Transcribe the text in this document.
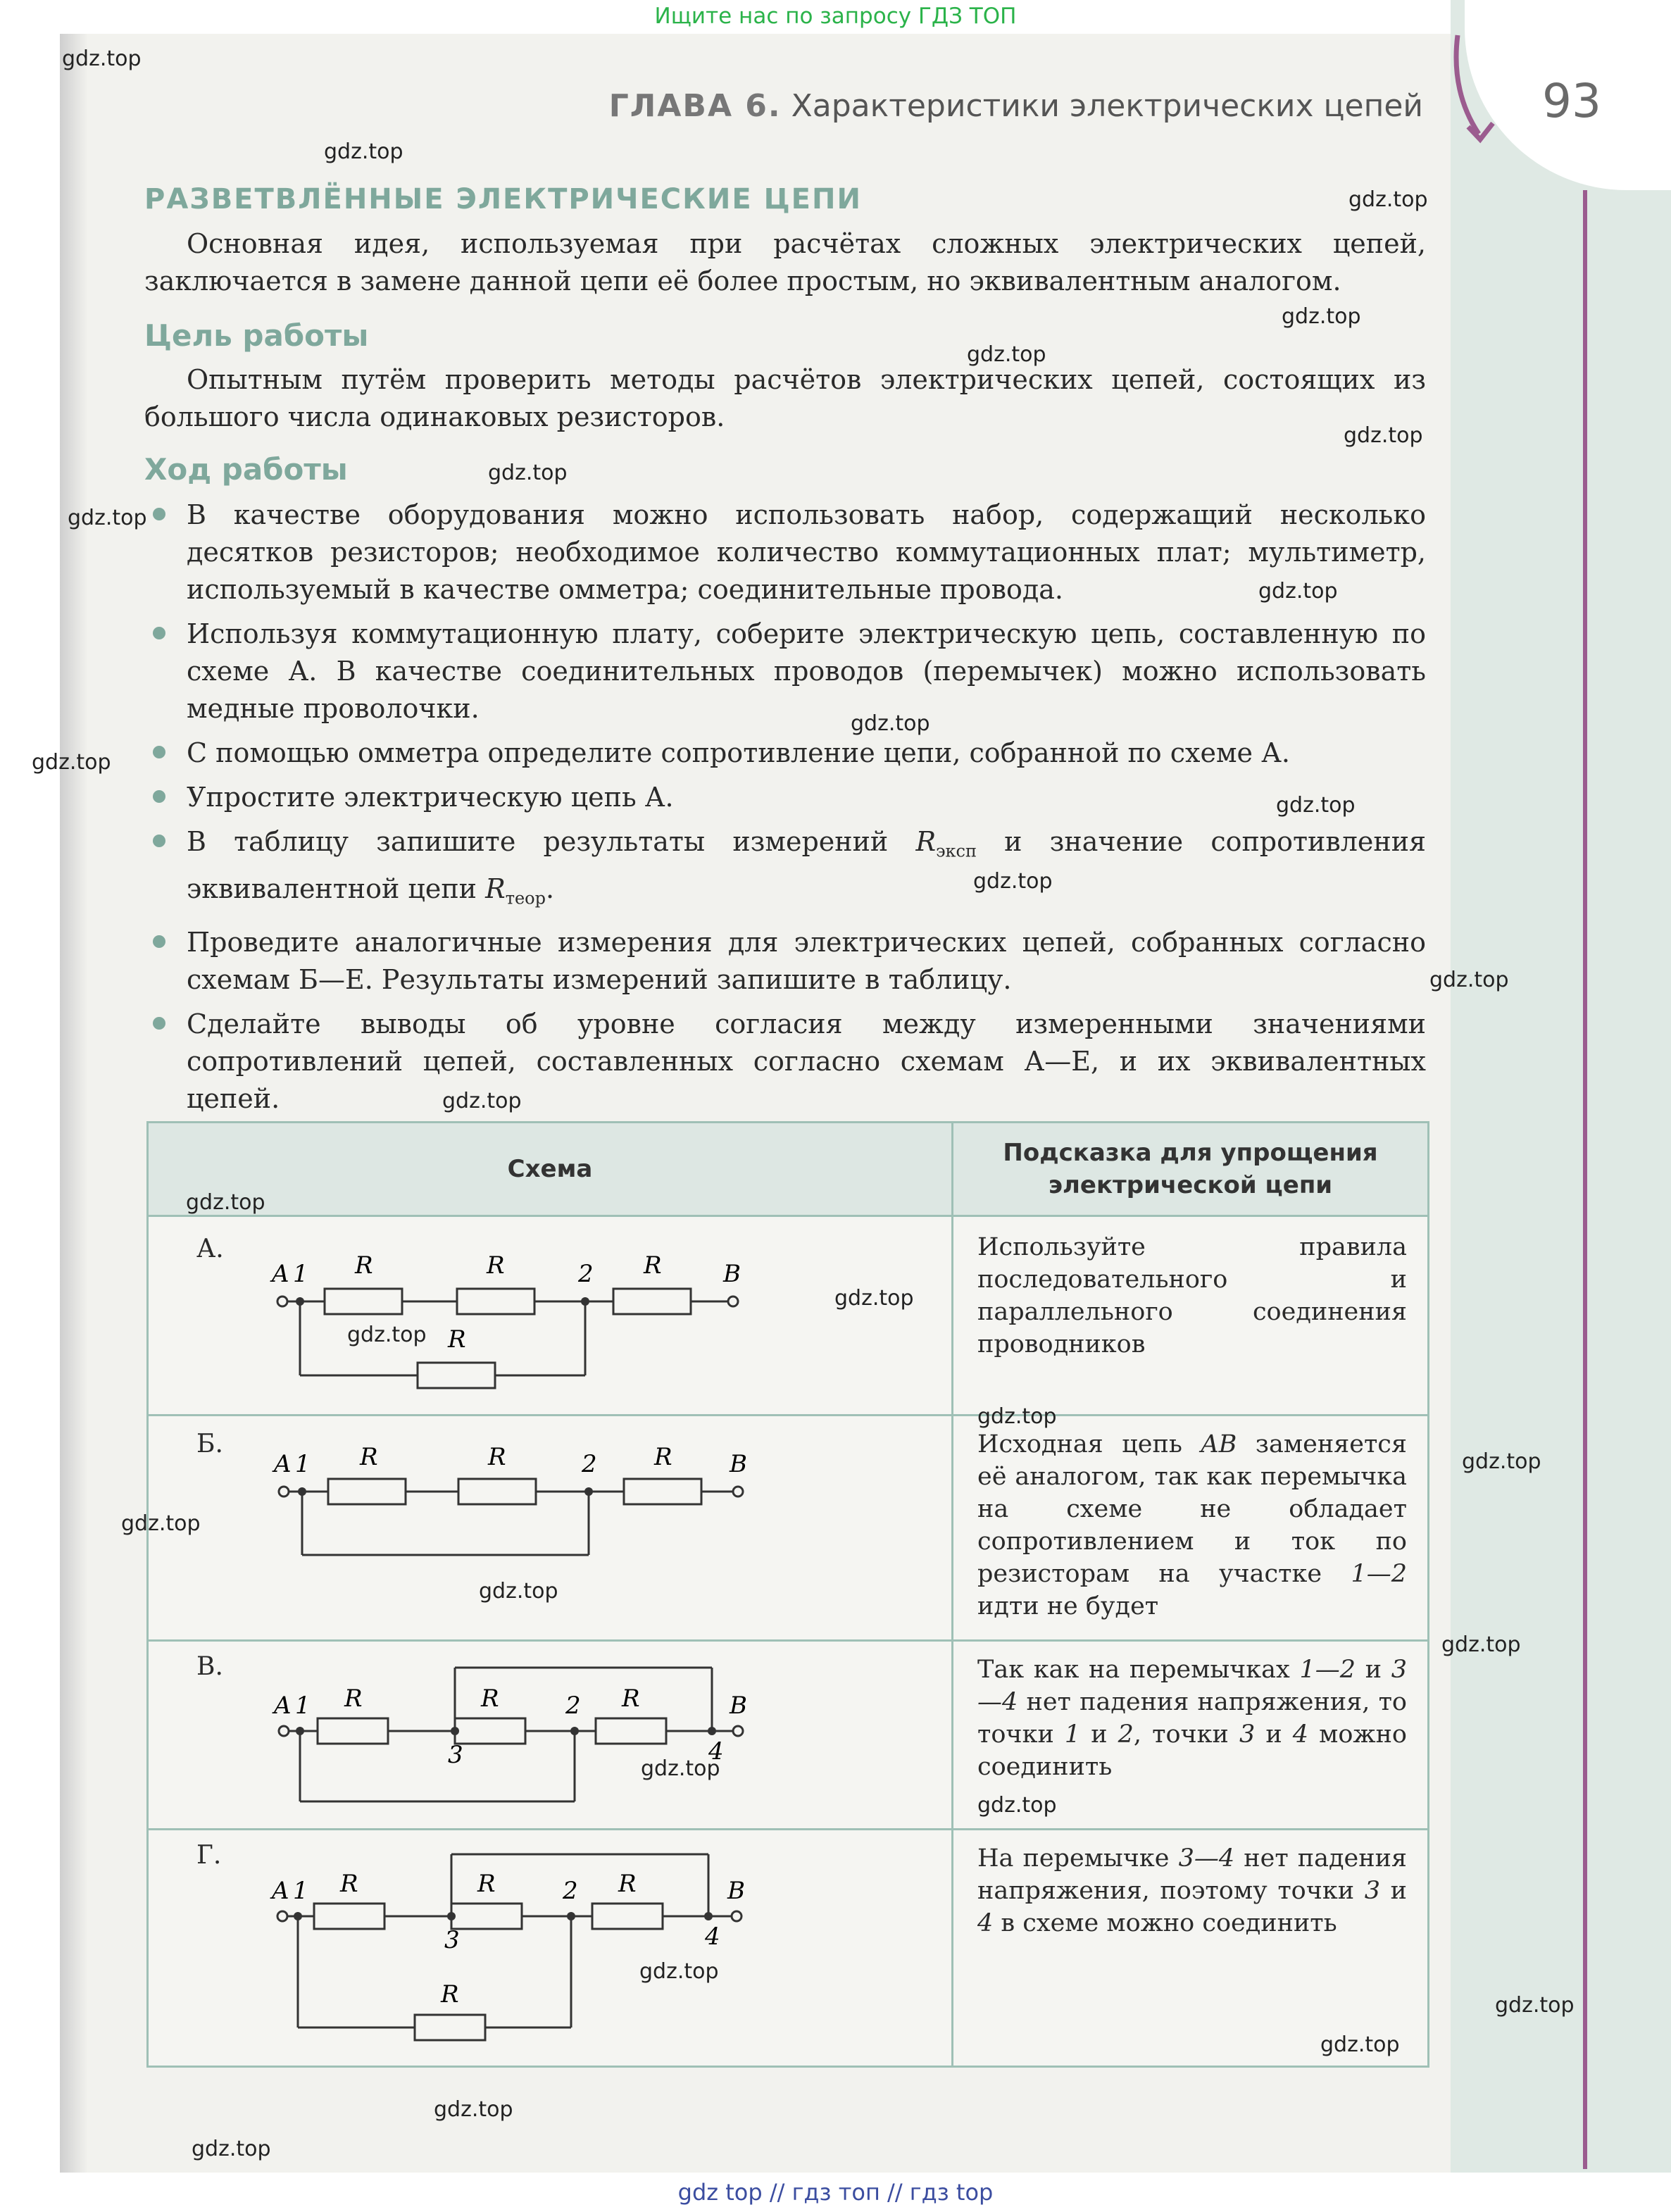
Ищите нас по запросу ГДЗ ТОП
93
ГЛАВА 6. Характеристики электрических цепей
РАЗВЕТВЛЁННЫЕ ЭЛЕКТРИЧЕСКИЕ ЦЕПИ

Основная идея, используемая при расчётах сложных электрических цепей, заключается в замене данной цепи её более простым, но эквивалентным аналогом.

Цель работы

Опытным путём проверить методы расчётов электрических цепей, состоящих из большого числа одинаковых резисторов.

Ход работы
В качестве оборудования можно использовать набор, содержащий несколько десятков резисторов; необходимое количество коммутационных плат; мультиметр, используемый в качестве омметра; соединительные провода.
Используя коммутационную плату, соберите электрическую цепь, составленную по схеме А. В качестве соединительных проводов (перемычек) можно использовать медные проволочки.
С помощью омметра определите сопротивление цепи, собранной по схеме А.
Упростите электрическую цепь А.
В таблицу запишите результаты измерений $R_{эксп}$ и значение сопротивления эквивалентной цепи $R_{теор}$.
Проведите аналогичные измерения для электрических цепей, собранных согласно схемам Б—Е. Результаты измерений запишите в таблицу.
Сделайте выводы об уровне согласия между измеренными значениями сопротивлений цепей, составленных согласно схемам А—Е, и их эквивалентных цепей.
Схема
Подсказка для упрощения электрической цепи
А.
A 1 R	R	2 R	B
R

Используйте правила последовательного и параллельного соединения проводников

Б.
A 1 R	R	2 R B

Исходная цепь AB заменяется её аналогом, так как перемычка на схеме не обладает сопротивлением и ток по резисторам на участке 1—2 идти не будет

В.
A 1 R	R	2 R	B
3	4

Так как на перемычках 1—2 и 3—4 нет падения напряжения, то точки 1 и 2, точки 3 и 4 можно соединить

Г.
A 1 R	R	2 R	B
3	4
R

На перемычке 3—4 нет падения напряжения, поэтому точки 3 и 4 в схеме можно соединить

gdz.top
gdz.top
gdz.top
gdz.top
gdz.top
gdz.top
gdz.top
gdz.top
gdz.top
gdz.top
gdz.top
gdz.top
gdz.top
gdz.top
gdz.top
gdz.top
gdz.top
gdz.top
gdz.top
gdz.top
gdz.top
gdz.top
gdz.top
gdz.top
gdz.top
gdz.top
gdz.top
gdz.top
gdz.top
gdz.top
gdz top // гдз топ // гдз top
